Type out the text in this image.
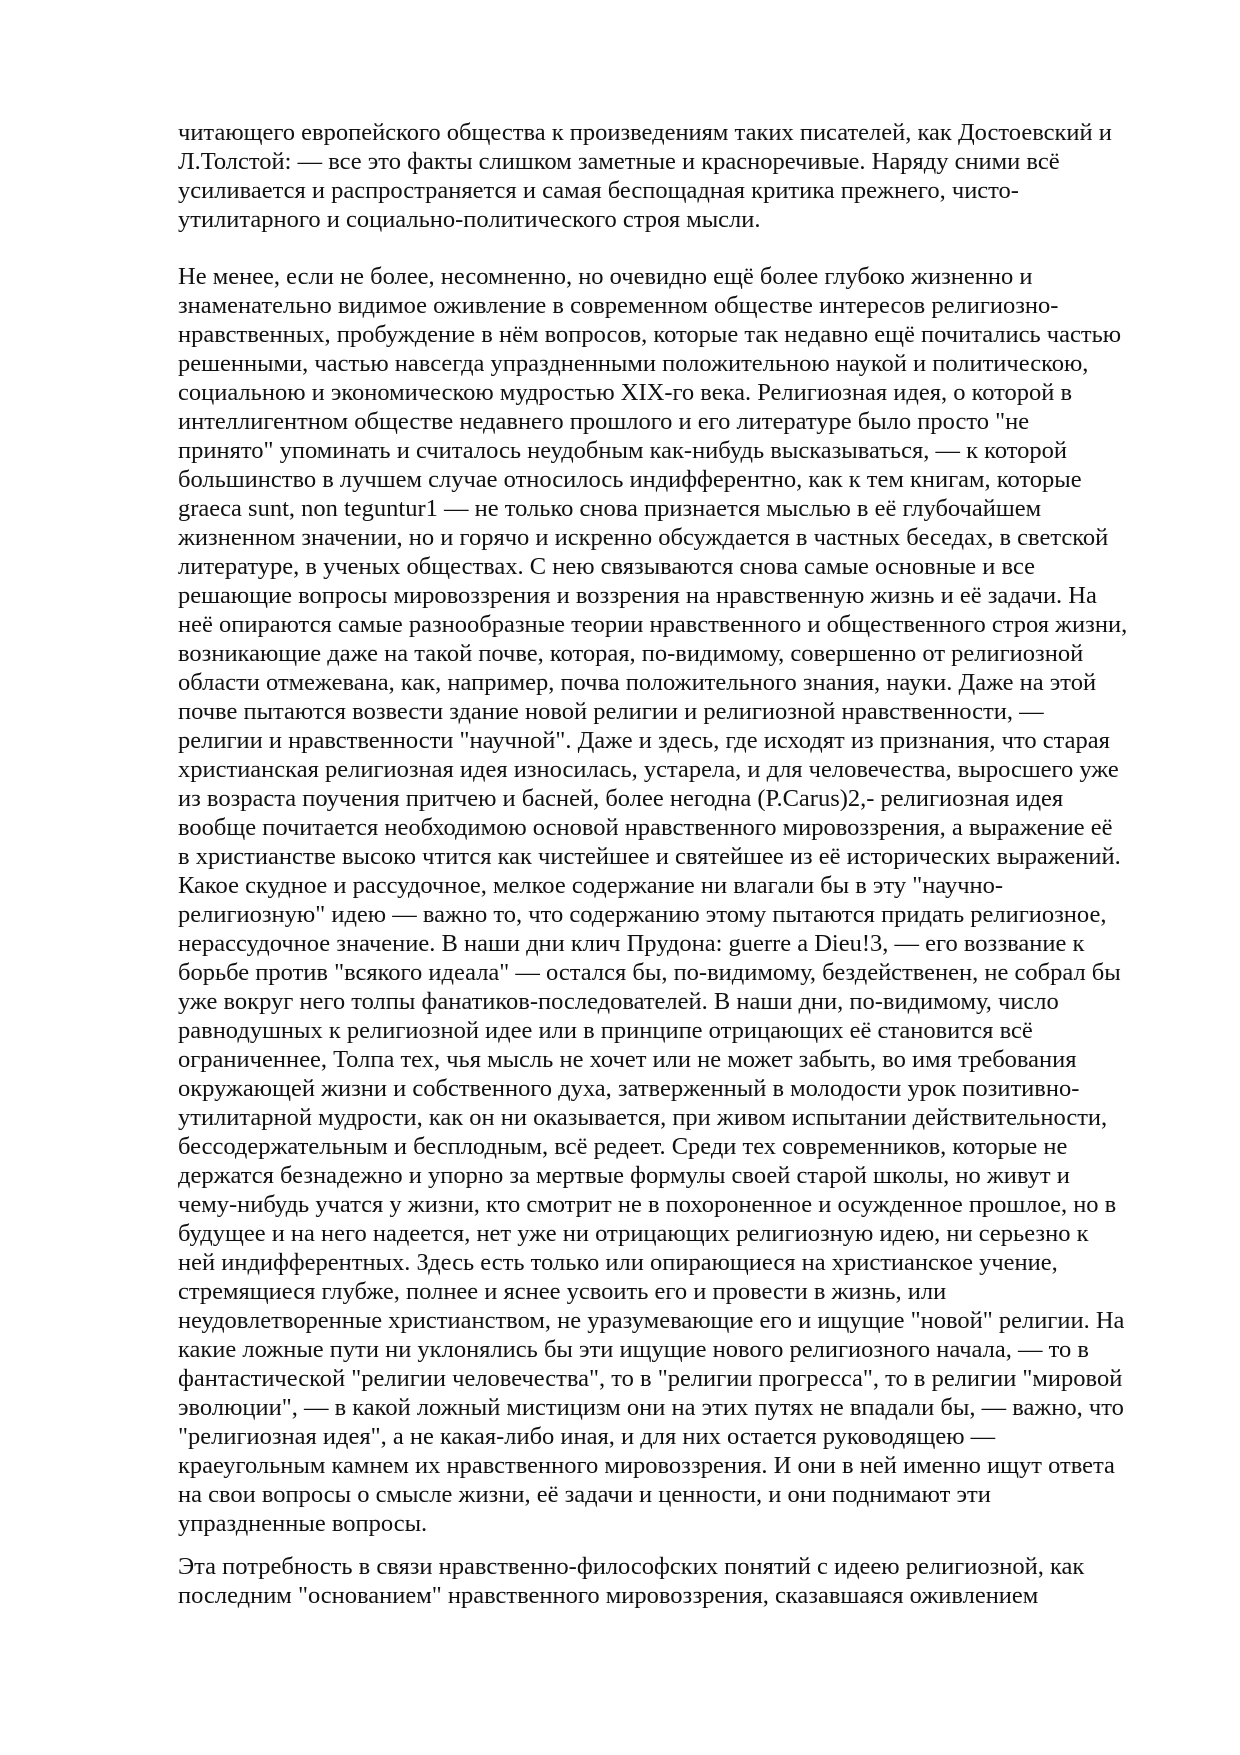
читающего европейского общества к произведениям таких писателей, как Достоевский и
Л.Толстой: — все это факты слишком заметные и красноречивые. Наряду сними всё
усиливается и распространяется и самая беспощадная критика прежнего, чисто-
утилитарного и социально-политического строя мысли.

Не менее, если не более, несомненно, но очевидно ещё более глубоко жизненно и
знаменательно видимое оживление в современном обществе интересов религиозно-
нравственных, пробуждение в нём вопросов, которые так недавно ещё почитались частью
решенными, частью навсегда упраздненными положительною наукой и политическою,
социальною и экономическою мудростью XIX-го века. Религиозная идея, о которой в
интеллигентном обществе недавнего прошлого и его литературе было просто "не
принято" упоминать и считалось неудобным как-нибудь высказываться, — к которой
большинство в лучшем случае относилось индифферентно, как к тем книгам, которые
graeca sunt, non teguntur1 — не только снова признается мыслью в её глубочайшем
жизненном значении, но и горячо и искренно обсуждается в частных беседах, в светской
литературе, в ученых обществах. С нею связываются снова самые основные и все
решающие вопросы мировоззрения и воззрения на нравственную жизнь и её задачи. На
неё опираются самые разнообразные теории нравственного и общественного строя жизни,
возникающие даже на такой почве, которая, по-видимому, совершенно от религиозной
области отмежевана, как, например, почва положительного знания, науки. Даже на этой
почве пытаются возвести здание новой религии и религиозной нравственности, —
религии и нравственности "научной". Даже и здесь, где исходят из признания, что старая
христианская религиозная идея износилась, устарела, и для человечества, выросшего уже
из возраста поучения притчею и басней, более негодна (P.Carus)2,- религиозная идея
вообще почитается необходимою основой нравственного мировоззрения, а выражение её
в христианстве высоко чтится как чистейшее и святейшее из её исторических выражений.
Какое скудное и рассудочное, мелкое содержание ни влагали бы в эту "научно-
религиозную" идею — важно то, что содержанию этому пытаются придать религиозное,
нерассудочное значение. В наши дни клич Прудона: guerre a Dieu!3, — его воззвание к
борьбе против "всякого идеала" — остался бы, по-видимому, бездейственен, не собрал бы
уже вокруг него толпы фанатиков-последователей. В наши дни, по-видимому, число
равнодушных к религиозной идее или в принципе отрицающих её становится всё
ограниченнее, Толпа тех, чья мысль не хочет или не может забыть, во имя требования
окружающей жизни и собственного духа, затверженный в молодости урок позитивно-
утилитарной мудрости, как он ни оказывается, при живом испытании действительности,
бессодержательным и бесплодным, всё редеет. Среди тех современников, которые не
держатся безнадежно и упорно за мертвые формулы своей старой школы, но живут и
чему-нибудь учатся у жизни, кто смотрит не в похороненное и осужденное прошлое, но в
будущее и на него надеется, нет уже ни отрицающих религиозную идею, ни серьезно к
ней индифферентных. Здесь есть только или опирающиеся на христианское учение,
стремящиеся глубже, полнее и яснее усвоить его и провести в жизнь, или
неудовлетворенные христианством, не уразумевающие его и ищущие "новой" религии. На
какие ложные пути ни уклонялись бы эти ищущие нового религиозного начала, — то в
фантастической "религии человечества", то в "религии прогресса", то в религии "мировой
эволюции", — в какой ложный мистицизм они на этих путях не впадали бы, — важно, что
"религиозная идея", а не какая-либо иная, и для них остается руководящею —
краеугольным камнем их нравственного мировоззрения. И они в ней именно ищут ответа
на свои вопросы о смысле жизни, её задачи и ценности, и они поднимают эти
упраздненные вопросы.

Эта потребность в связи нравственно-философских понятий с идеею религиозной, как
последним "основанием" нравственного мировоззрения, сказавшаяся оживлением
